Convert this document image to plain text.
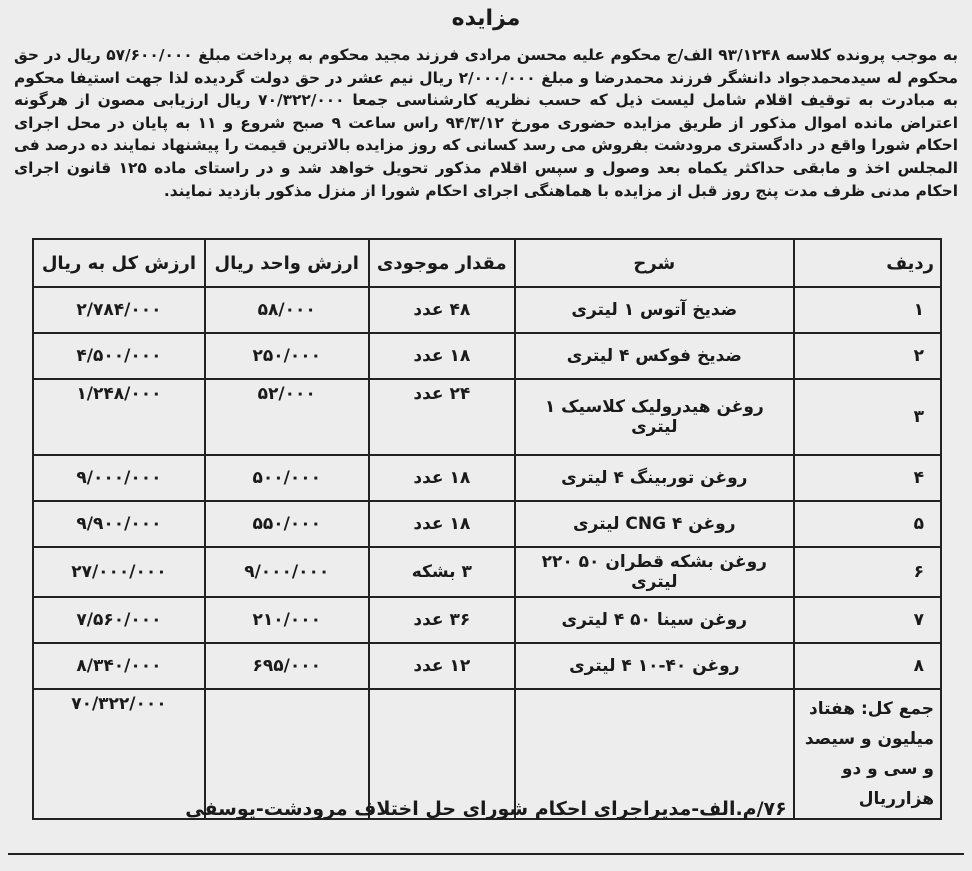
مزایده
به موجب پرونده کلاسه ۹۳/۱۲۴۸ الف/ج محکوم علیه محسن مرادی فرزند مجید محکوم به پرداخت مبلغ ۵۷/۶۰۰/۰۰۰ ریال در حق محکوم له سیدمحمدجواد دانشگر فرزند محمدرضا و مبلغ ۲/۰۰۰/۰۰۰ ریال نیم عشر در حق دولت گردیده لذا جهت استیفا محکوم به مبادرت به توقیف اقلام شامل لیست ذیل که حسب نظریه کارشناسی جمعا ۷۰/۳۲۲/۰۰۰ ریال ارزیابی مصون از هرگونه اعتراض مانده اموال مذکور از طریق مزایده حضوری مورخ ۹۴/۳/۱۲ راس ساعت ۹ صبح شروع و ۱۱ به پایان در محل اجرای احکام شورا واقع در دادگستری مرودشت بفروش می رسد کسانی که روز مزایده بالاترین قیمت را پیشنهاد نمایند ده درصد فی المجلس اخذ و مابقی حداکثر یکماه بعد وصول و سپس اقلام مذکور تحویل خواهد شد و در راستای ماده ۱۲۵ قانون اجرای احکام مدنی ظرف مدت پنج روز قبل از مزایده با هماهنگی اجرای احکام شورا از منزل مذکور بازدید نمایند.
ردیف	شرح	مقدار موجودی	ارزش واحد ریال	ارزش کل به ریال
۱	ضدیخ آتوس ۱ لیتری	۴۸ عدد	۵۸/۰۰۰	۲/۷۸۴/۰۰۰
۲	ضدیخ فوکس ۴ لیتری	۱۸ عدد	۲۵۰/۰۰۰	۴/۵۰۰/۰۰۰
۳	روغن هیدرولیک کلاسیک ۱ لیتری	۲۴ عدد	۵۲/۰۰۰	۱/۲۴۸/۰۰۰
۴	روغن توربینگ ۴ لیتری	۱۸ عدد	۵۰۰/۰۰۰	۹/۰۰۰/۰۰۰
۵	روغن CNG ۴ لیتری	۱۸ عدد	۵۵۰/۰۰۰	۹/۹۰۰/۰۰۰
۶	روغن بشکه قطران ۵۰ ۲۲۰ لیتری	۳ بشکه	۹/۰۰۰/۰۰۰	۲۷/۰۰۰/۰۰۰
۷	روغن سینا ۵۰ ۴ لیتری	۳۶ عدد	۲۱۰/۰۰۰	۷/۵۶۰/۰۰۰
۸	روغن ۴۰-۱۰ ۴ لیتری	۱۲ عدد	۶۹۵/۰۰۰	۸/۳۴۰/۰۰۰
جمع کل: هفتاد میلیون و سیصد و سی و دو هزارریال				۷۰/۳۲۲/۰۰۰
۷۶/م.الف-مدیراجرای احکام شورای حل اختلاف مرودشت-یوسفی
